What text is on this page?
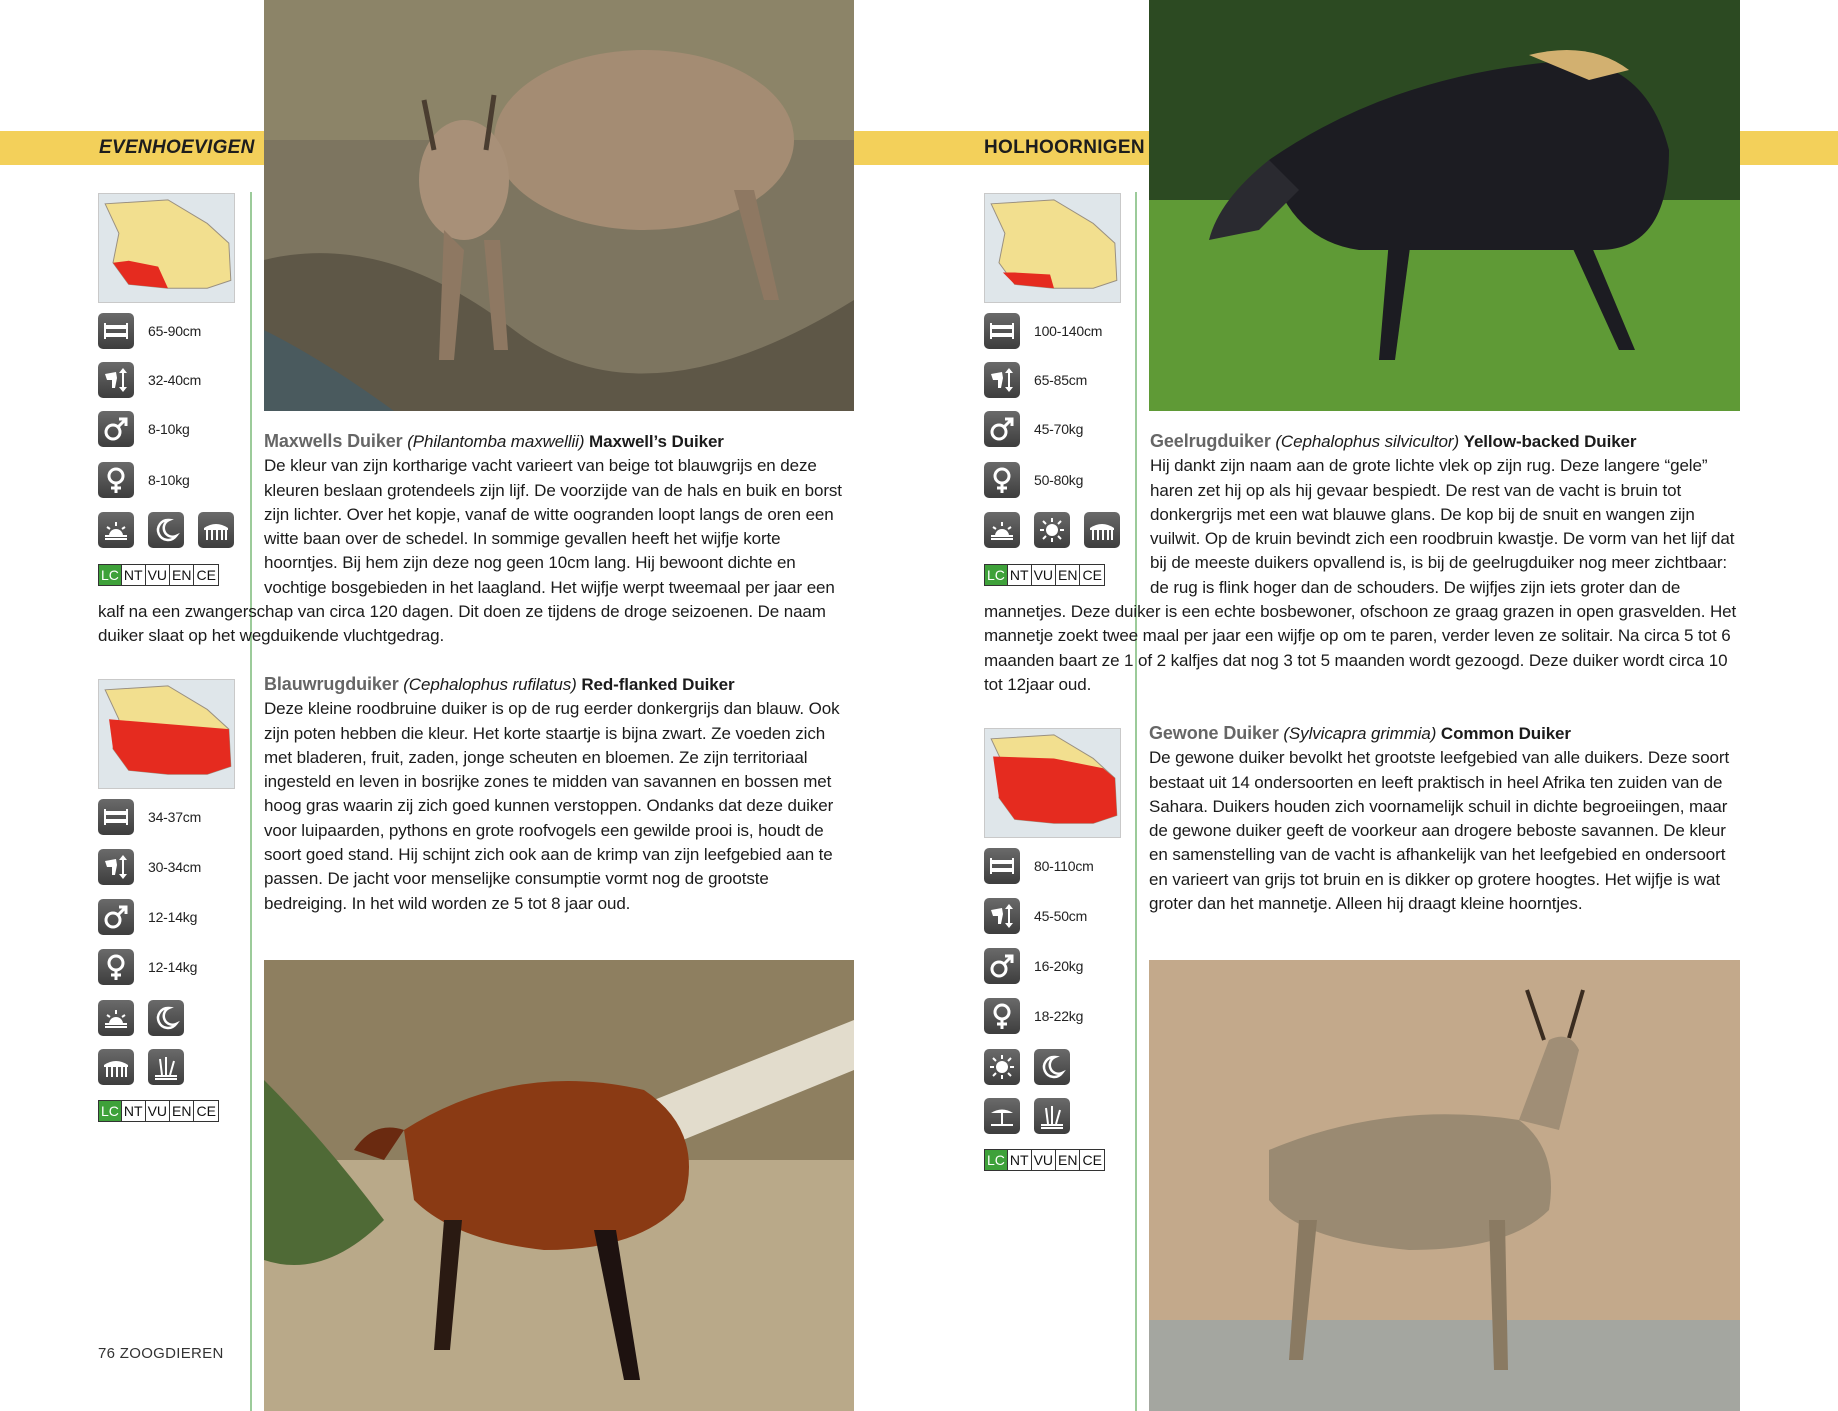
EVENHOEVIGEN	HOLHOORNIGEN
65-90cm
32-40cm
8-10kg
8-10kg
LC NT VU EN CE
34-37cm
30-34cm
12-14kg
12-14kg
LC NT VU EN CE
100-140cm
65-85cm
45-70kg
50-80kg
LC NT VU EN CE
80-110cm
45-50cm
16-20kg
18-22kg
LC NT VU EN CE
Maxwells Duiker (Philantomba maxwellii) Maxwell’s Duiker
De kleur van zijn kortharige vacht varieert van beige tot blauwgrijs en deze kleuren beslaan grotendeels zijn lijf. De voorzijde van de hals en buik en borst zijn lichter. Over het kopje, vanaf de witte oogranden loopt langs de oren een witte baan over de schedel. In sommige gevallen heeft het wijfje korte hoorntjes. Bij hem zijn deze nog geen 10cm lang. Hij bewoont dichte en vochtige bosgebieden in het laagland. Het wijfje werpt tweemaal per jaar een kalf na een zwangerschap van circa 120 dagen. Dit doen ze tijdens de droge seizoenen. De naam duiker slaat op het wegduikende vluchtgedrag.
Blauwrugduiker (Cephalophus rufilatus) Red-flanked Duiker
Deze kleine roodbruine duiker is op de rug eerder donkergrijs dan blauw. Ook zijn poten hebben die kleur. Het korte staartje is bijna zwart. Ze voeden zich met bladeren, fruit, zaden, jonge scheuten en bloemen. Ze zijn territoriaal ingesteld en leven in bosrijke zones te midden van savannen en bossen met hoog gras waarin zij zich goed kunnen verstoppen. Ondanks dat deze duiker voor luipaarden, pythons en grote roofvogels een gewilde prooi is, houdt de soort goed stand. Hij schijnt zich ook aan de krimp van zijn leefgebied aan te passen. De jacht voor menselijke consumptie vormt nog de grootste bedreiging. In het wild worden ze 5 tot 8 jaar oud.
Geelrugduiker (Cephalophus silvicultor) Yellow-backed Duiker
Hij dankt zijn naam aan de grote lichte vlek op zijn rug. Deze langere “gele” haren zet hij op als hij gevaar bespiedt. De rest van de vacht is bruin tot donkergrijs met een wat blauwe glans. De kop bij de snuit en wangen zijn vuilwit. Op de kruin bevindt zich een roodbruin kwastje. De vorm van het lijf dat bij de meeste duikers opvallend is, is bij de geelrugduiker nog meer zichtbaar: de rug is flink hoger dan de schouders. De wijfjes zijn iets groter dan de mannetjes. Deze duiker is een echte bosbewoner, ofschoon ze graag grazen in open grasvelden. Het mannetje zoekt twee maal per jaar een wijfje op om te paren, verder leven ze solitair. Na circa 5 tot 6 maanden baart ze 1 of 2 kalfjes dat nog 3 tot 5 maanden wordt gezoogd. Deze duiker wordt circa 10 tot 12jaar oud.
Gewone Duiker (Sylvicapra grimmia) Common Duiker
De gewone duiker bevolkt het grootste leefgebied van alle duikers. Deze soort bestaat uit 14 ondersoorten en leeft praktisch in heel Afrika ten zuiden van de Sahara. Duikers houden zich voornamelijk schuil in dichte begroeiingen, maar de gewone duiker geeft de voorkeur aan drogere beboste savannen. De kleur en samenstelling van de vacht is afhankelijk van het leefgebied en ondersoort en varieert van grijs tot bruin en is dikker op grotere hoogtes. Het wijfje is wat groter dan het mannetje. Alleen hij draagt kleine hoorntjes.
76 ZOOGDIEREN
